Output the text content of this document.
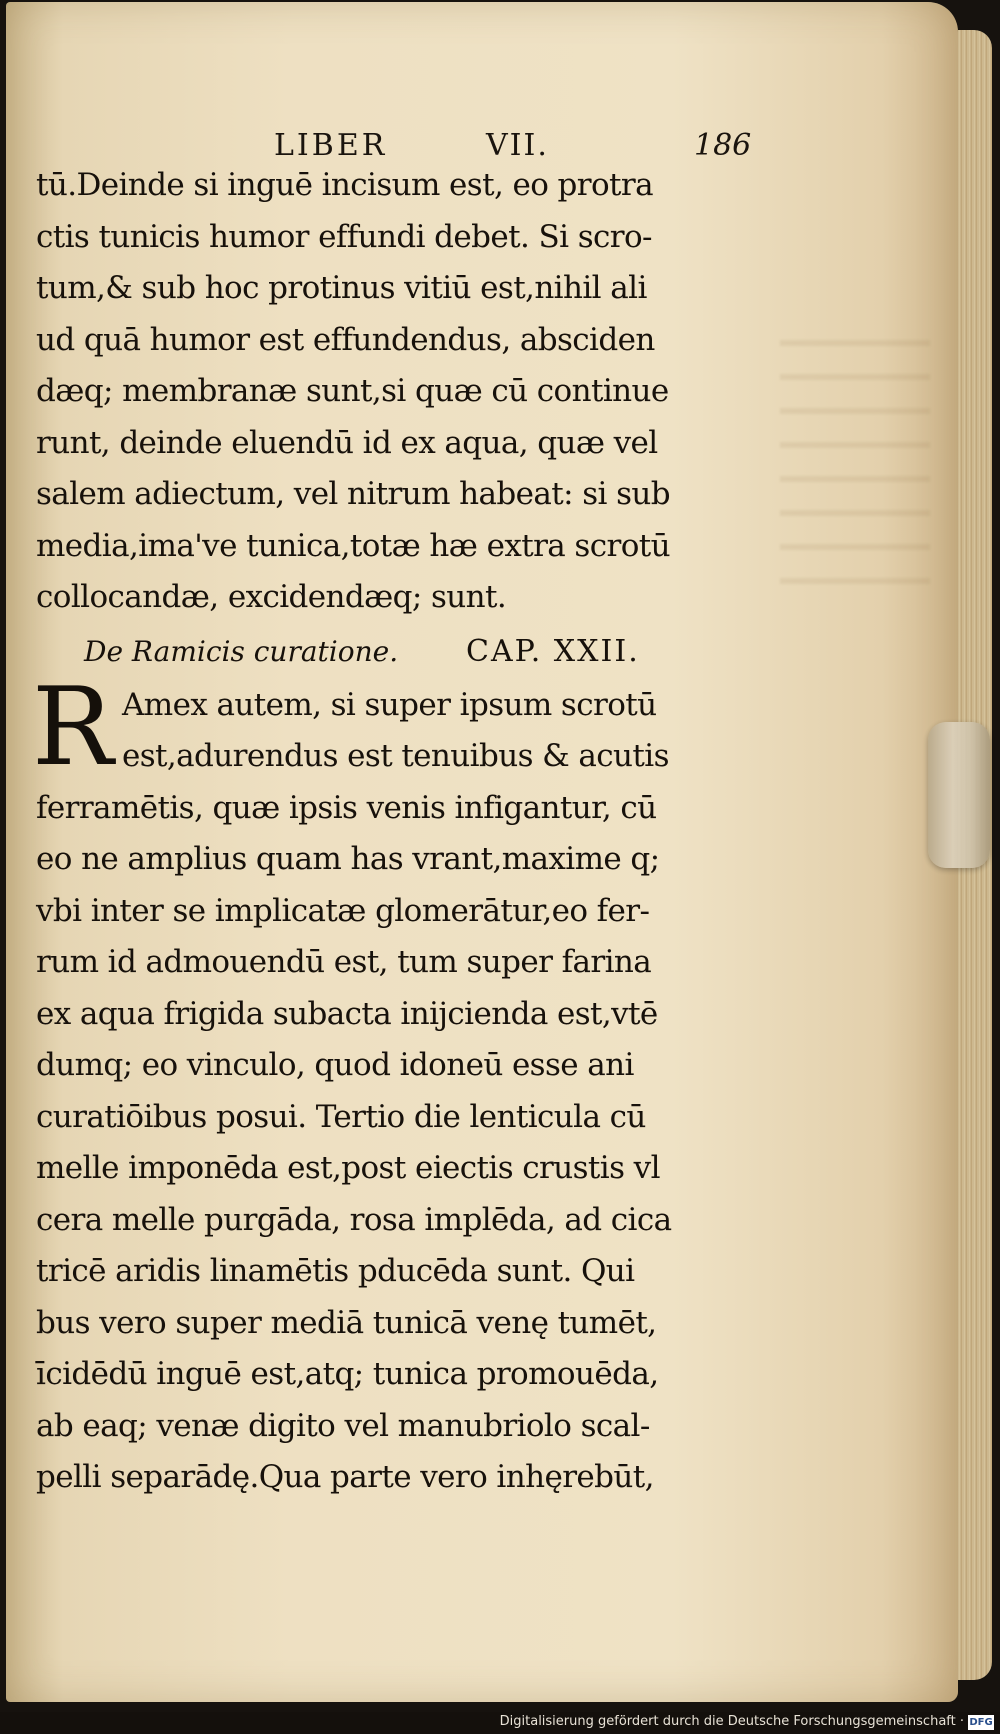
LIBER	VII.	186
tū.Deinde si inguē incisum est, eo protra
ctis tunicis humor effundi debet. Si scro-
tum,& sub hoc protinus vitiū est,nihil ali
ud quā humor est effundendus, absciden
dæq; membranæ sunt,si quæ cū continue
runt, deinde eluendū id ex aqua, quæ vel
salem adiectum, vel nitrum habeat: si sub
media,ima've tunica,totæ hæ extra scrotū
collocandæ, excidendæq; sunt.
De Ramicis curatione. CAP. XXII.
R Amex autem, si super ipsum scrotū
est,adurendus est tenuibus & acutis
ferramētis, quæ ipsis venis infigantur, cū
eo ne amplius quam has vrant,maxime q;
vbi inter se implicatæ glomerātur,eo fer-
rum id admouendū est, tum super farina
ex aqua frigida subacta inijcienda est,vtē
dumq; eo vinculo, quod idoneū esse ani
curatiōibus posui. Tertio die lenticula cū
melle imponēda est,post eiectis crustis vl
cera melle purgāda, rosa implēda, ad cica
tricē aridis linamētis pducēda sunt. Qui
bus vero super mediā tunicā venę tumēt,
īcidēdū inguē est,atq; tunica promouēda,
ab eaq; venæ digito vel manubriolo scal-
pelli separādę.Qua parte vero inhęrebūt,
Digitalisierung gefördert durch die Deutsche Forschungsgemeinschaft · DFG
